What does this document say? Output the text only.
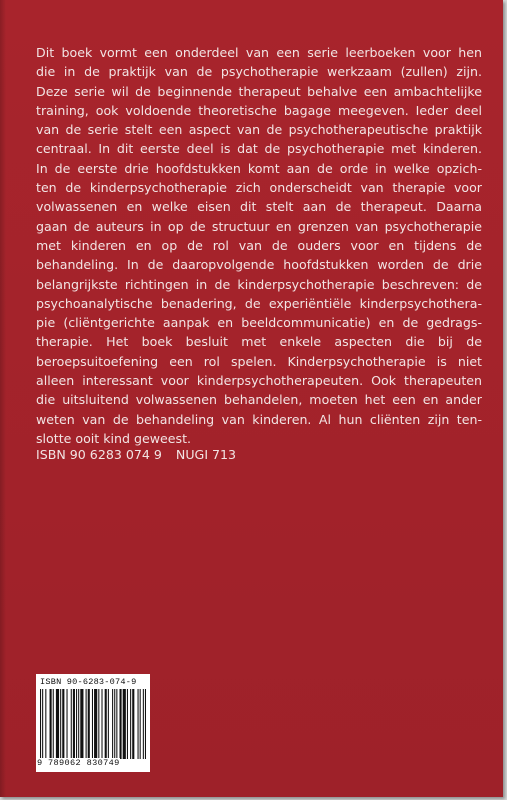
Dit boek vormt een onderdeel van een serie leerboeken voor hen
die in de praktijk van de psychotherapie werkzaam (zullen) zijn.
Deze serie wil de beginnende therapeut behalve een ambachtelijke
training, ook voldoende theoretische bagage meegeven. Ieder deel
van de serie stelt een aspect van de psychotherapeutische praktijk
centraal. In dit eerste deel is dat de psychotherapie met kinderen.
In de eerste drie hoofdstukken komt aan de orde in welke opzich-
ten de kinderpsychotherapie zich onderscheidt van therapie voor
volwassenen en welke eisen dit stelt aan de therapeut. Daarna
gaan de auteurs in op de structuur en grenzen van psychotherapie
met kinderen en op de rol van de ouders voor en tijdens de
behandeling. In de daaropvolgende hoofdstukken worden de drie
belangrijkste richtingen in de kinderpsychotherapie beschreven: de
psychoanalytische benadering, de experiëntiële kinderpsychothera-
pie (cliëntgerichte aanpak en beeldcommunicatie) en de gedrags-
therapie. Het boek besluit met enkele aspecten die bij de
beroepsuitoefening een rol spelen. Kinderpsychotherapie is niet
alleen interessant voor kinderpsychotherapeuten. Ook therapeuten
die uitsluitend volwassenen behandelen, moeten het een en ander
weten van de behandeling van kinderen. Al hun cliënten zijn ten-
slotte ooit kind geweest.
ISBN 90 6283 074 9 NUGI 713
ISBN 90-6283-074-9
9 789062 830749
